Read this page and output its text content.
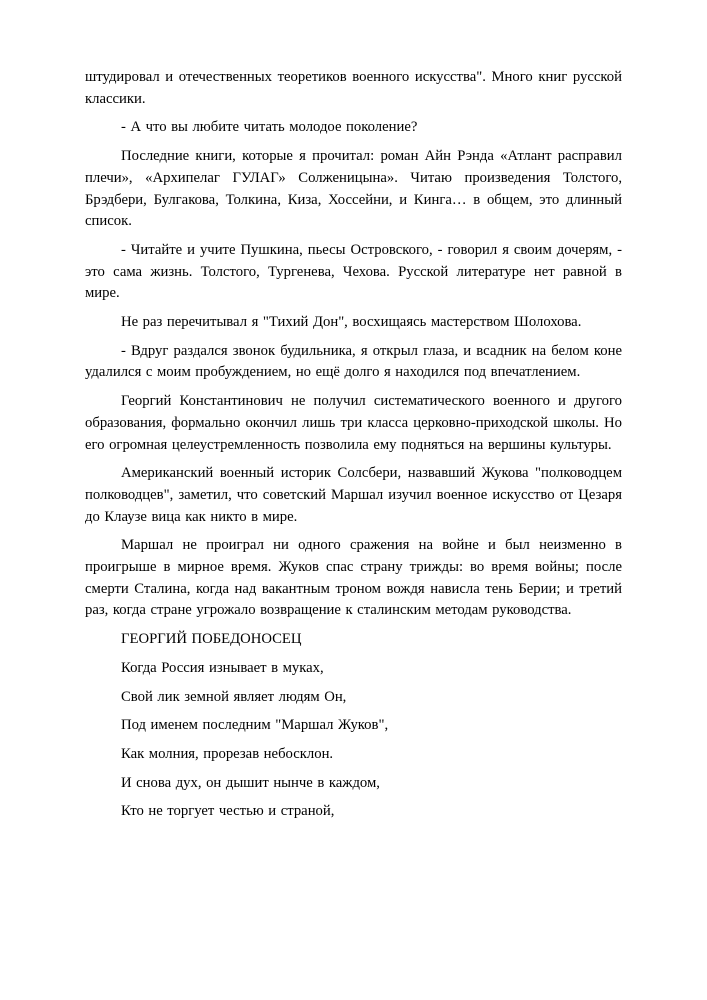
штудировал и отечественных теоретиков военного искусства". Много книг русской классики.

- А что вы любите читать молодое поколение?

Последние книги, которые я прочитал: роман Айн Рэнда «Атлант расправил плечи», «Архипелаг ГУЛАГ» Солженицына». Читаю произведения Толстого, Брэдбери, Булгакова, Толкина, Киза, Хоссейни, и Кинга… в общем, это длинный список.

- Читайте и учите Пушкина, пьесы Островского, - говорил я своим дочерям, - это сама жизнь. Толстого, Тургенева, Чехова. Русской литературе нет равной в мире.

Не раз перечитывал я "Тихий Дон", восхищаясь мастерством Шолохова.

- Вдруг раздался звонок будильника, я открыл глаза, и всадник на белом коне удалился с моим пробуждением, но ещё долго я находился под впечатлением.

Георгий Константинович не получил систематического военного и другого образования, формально окончил лишь три класса церковно-приходской школы. Но его огромная целеустремленность позволила ему подняться на вершины культуры.

Американский военный историк Солсбери, назвавший Жукова "полководцем полководцев", заметил, что советский Маршал изучил военное искусство от Цезаря до Клаузе вица как никто в мире.

Маршал не проиграл ни одного сражения на войне и был неизменно в проигрыше в мирное время. Жуков спас страну трижды: во время войны; после смерти Сталина, когда над вакантным троном вождя нависла тень Берии; и третий раз, когда стране угрожало возвращение к сталинским методам руководства.

ГЕОРГИЙ ПОБЕДОНОСЕЦ

Когда Россия изнывает в муках,

Свой лик земной являет людям Он,

Под именем последним "Маршал Жуков",

Как молния, прорезав небосклон.

И снова дух, он дышит нынче в каждом,

Кто не торгует честью и страной,
